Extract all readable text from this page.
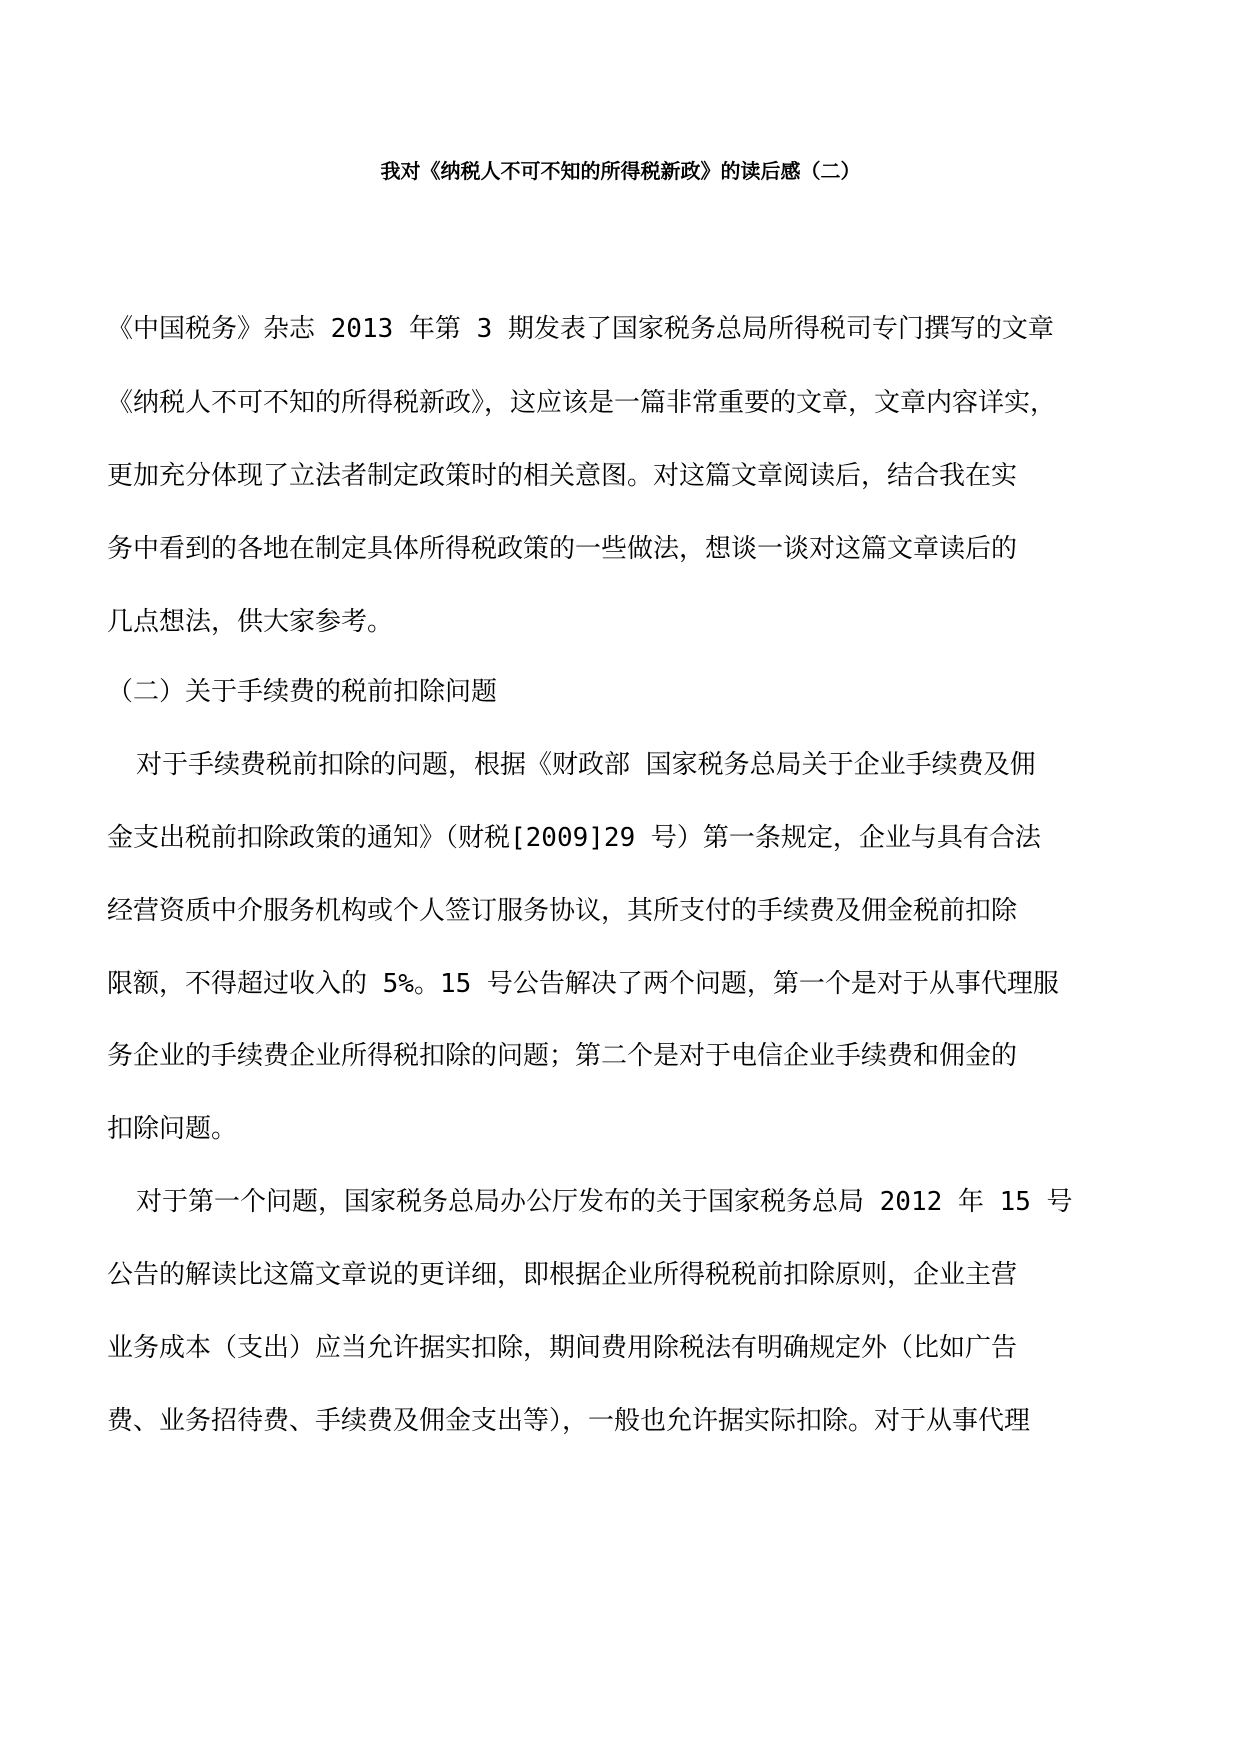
我对《纳税人不可不知的所得税新政》的读后感（二）
《中国税务》杂志 2013 年第 3 期发表了国家税务总局所得税司专门撰写的文章
《纳税人不可不知的所得税新政》，这应该是一篇非常重要的文章，文章内容详实，
更加充分体现了立法者制定政策时的相关意图。对这篇文章阅读后，结合我在实
务中看到的各地在制定具体所得税政策的一些做法，想谈一谈对这篇文章读后的
几点想法，供大家参考。
（二）关于手续费的税前扣除问题
对于手续费税前扣除的问题，根据《财政部 国家税务总局关于企业手续费及佣
金支出税前扣除政策的通知》（财税[2009]29 号）第一条规定，企业与具有合法
经营资质中介服务机构或个人签订服务协议，其所支付的手续费及佣金税前扣除
限额，不得超过收入的 5%。15 号公告解决了两个问题，第一个是对于从事代理服
务企业的手续费企业所得税扣除的问题；第二个是对于电信企业手续费和佣金的
扣除问题。
对于第一个问题，国家税务总局办公厅发布的关于国家税务总局 2012 年 15 号
公告的解读比这篇文章说的更详细，即根据企业所得税税前扣除原则，企业主营
业务成本（支出）应当允许据实扣除，期间费用除税法有明确规定外（比如广告
费、业务招待费、手续费及佣金支出等），一般也允许据实际扣除。对于从事代理
